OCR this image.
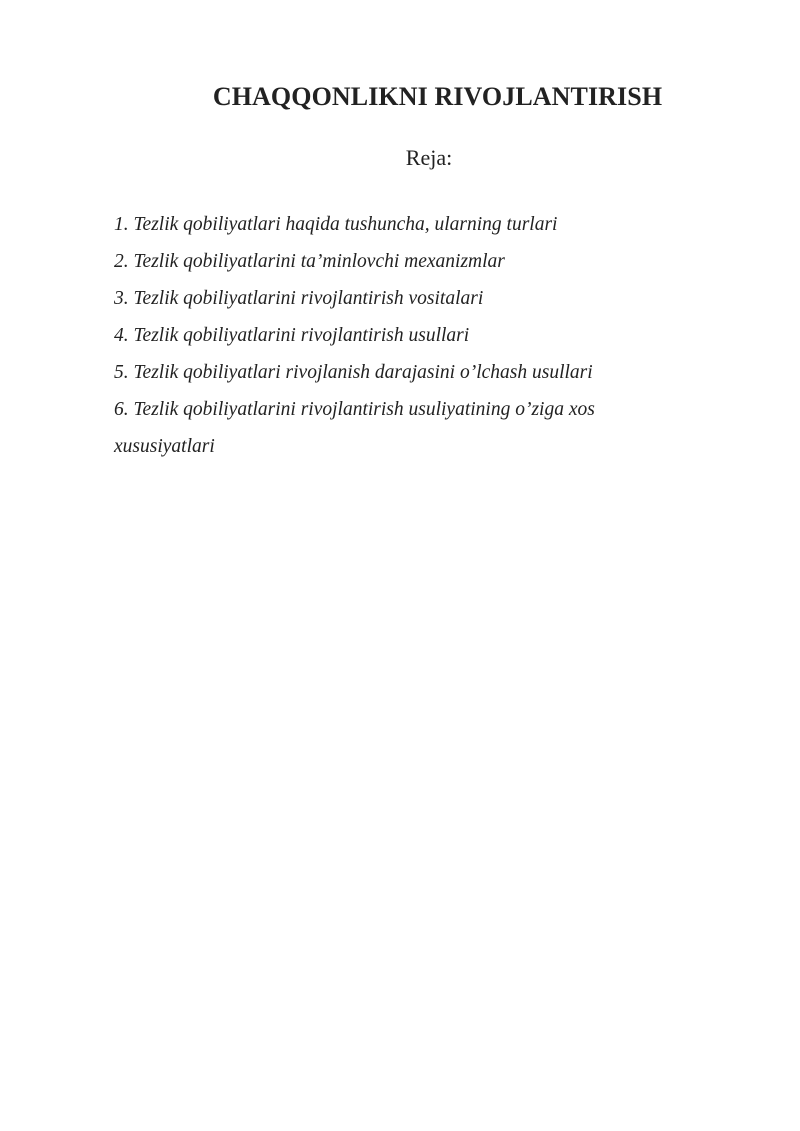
CHAQQONLIKNI RIVOJLANTIRISH
Reja:
1. Tezlik qobiliyatlari haqida tushuncha, ularning turlari
2. Tezlik qobiliyatlarini ta’minlovchi mexanizmlar
3. Tezlik qobiliyatlarini rivojlantirish vositalari
4. Tezlik qobiliyatlarini rivojlantirish usullari
5. Tezlik qobiliyatlari rivojlanish darajasini o’lchash usullari
6. Tezlik qobiliyatlarini rivojlantirish usuliyatining o’ziga xos xususiyatlari
